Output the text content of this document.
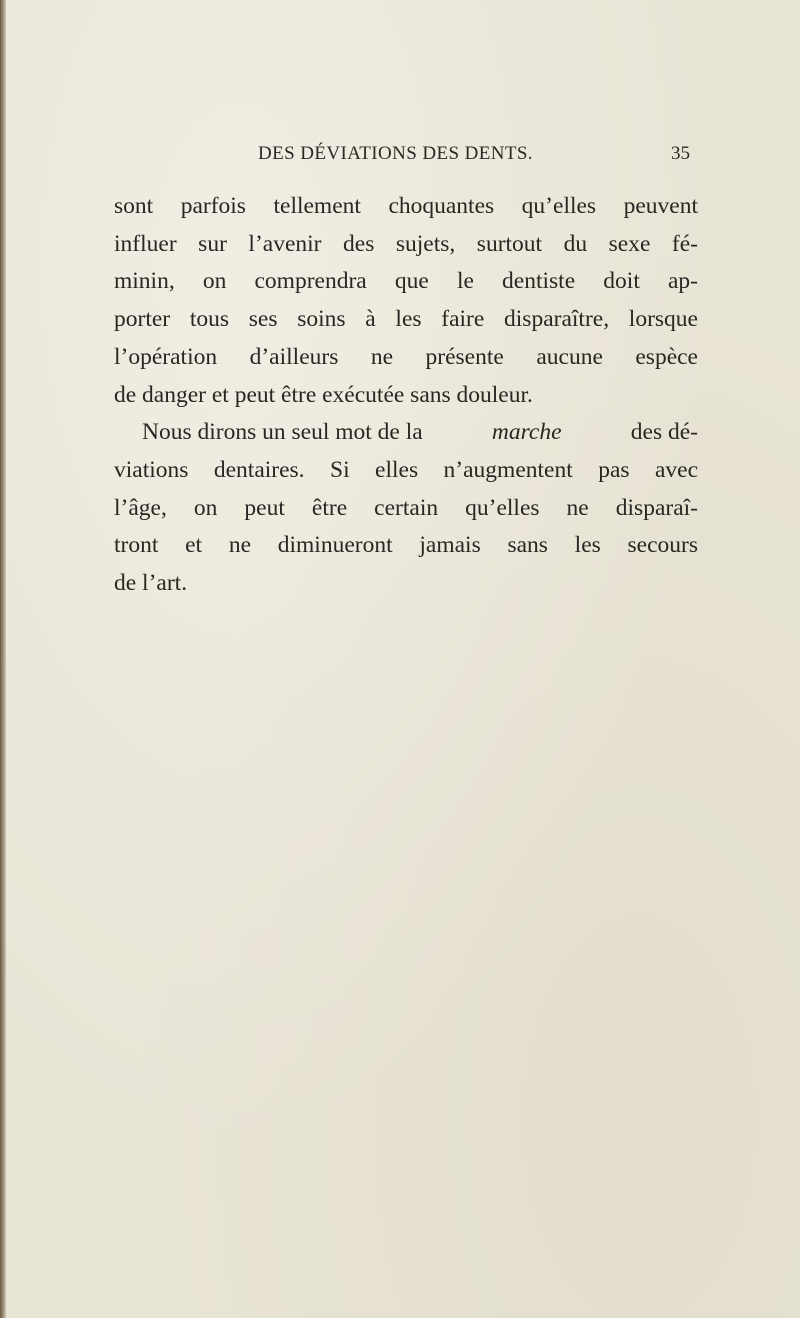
DES DÉVIATIONS DES DENTS.	35
sont parfois tellement choquantes qu’elles peuvent
influer sur l’avenir des sujets, surtout du sexe fé-
minin, on comprendra que le dentiste doit ap-
porter tous ses soins à les faire disparaître, lorsque
l’opération d’ailleurs ne présente aucune espèce
de danger et peut être exécutée sans douleur.
Nous dirons un seul mot de la	marche	des dé-
viations dentaires. Si elles n’augmentent pas avec
l’âge, on peut être certain qu’elles ne disparaî-
tront et ne diminueront jamais sans les secours
de l’art.
